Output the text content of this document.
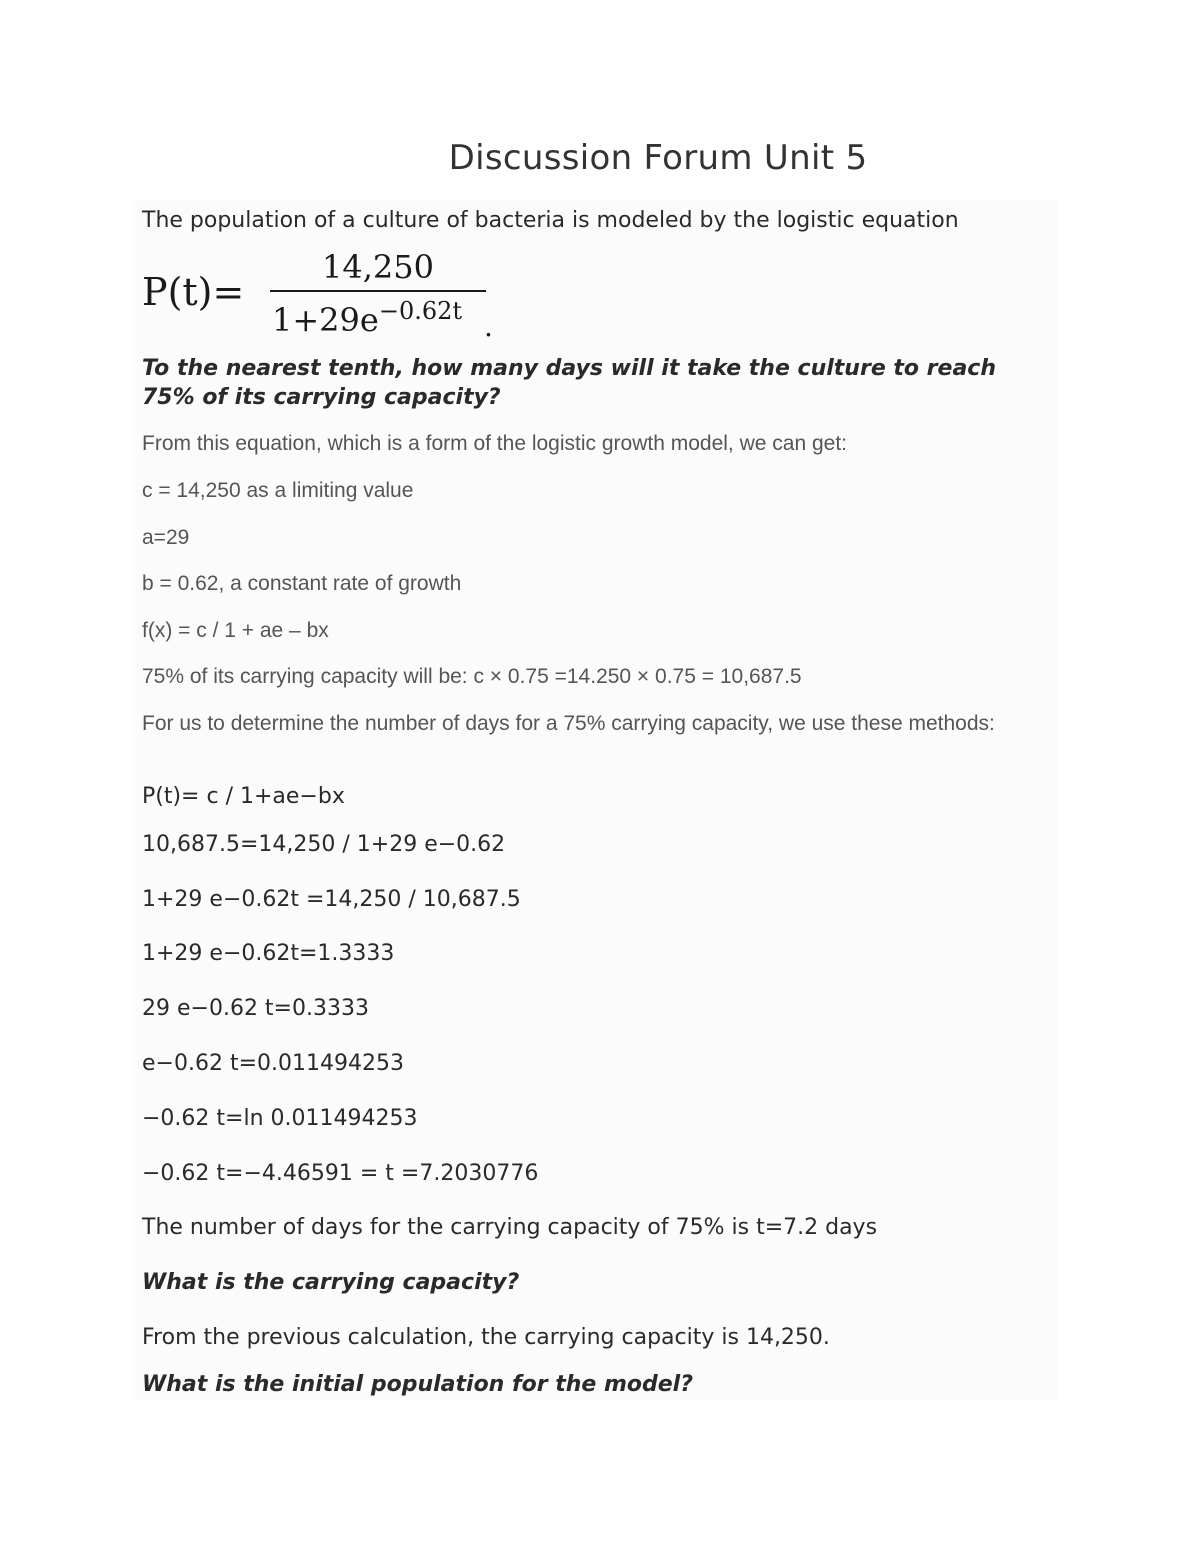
Discussion Forum Unit 5

The population of a culture of bacteria is modeled by the logistic equation

P(t)=
14,250
$1+29e^{-0.62t}$ .

To the nearest tenth, how many days will it take the culture to reach 75% of its carrying capacity?

From this equation, which is a form of the logistic growth model, we can get:

c = 14,250 as a limiting value

a=29

b = 0.62, a constant rate of growth

f(x) = c / 1 + ae – bx

75% of its carrying capacity will be: c × 0.75 =14.250 × 0.75 = 10,687.5

For us to determine the number of days for a 75% carrying capacity, we use these methods:

P(t)= c / 1+ae−bx

10,687.5=14,250 / 1+29 e−0.62

1+29 e−0.62t =14,250 / 10,687.5

1+29 e−0.62t=1.3333

29 e−0.62 t=0.3333

e−0.62 t=0.011494253

−0.62 t=ln 0.011494253

−0.62 t=−4.46591 = t =7.2030776

The number of days for the carrying capacity of 75% is t=7.2 days

What is the carrying capacity?

From the previous calculation, the carrying capacity is 14,250.

What is the initial population for the model?
